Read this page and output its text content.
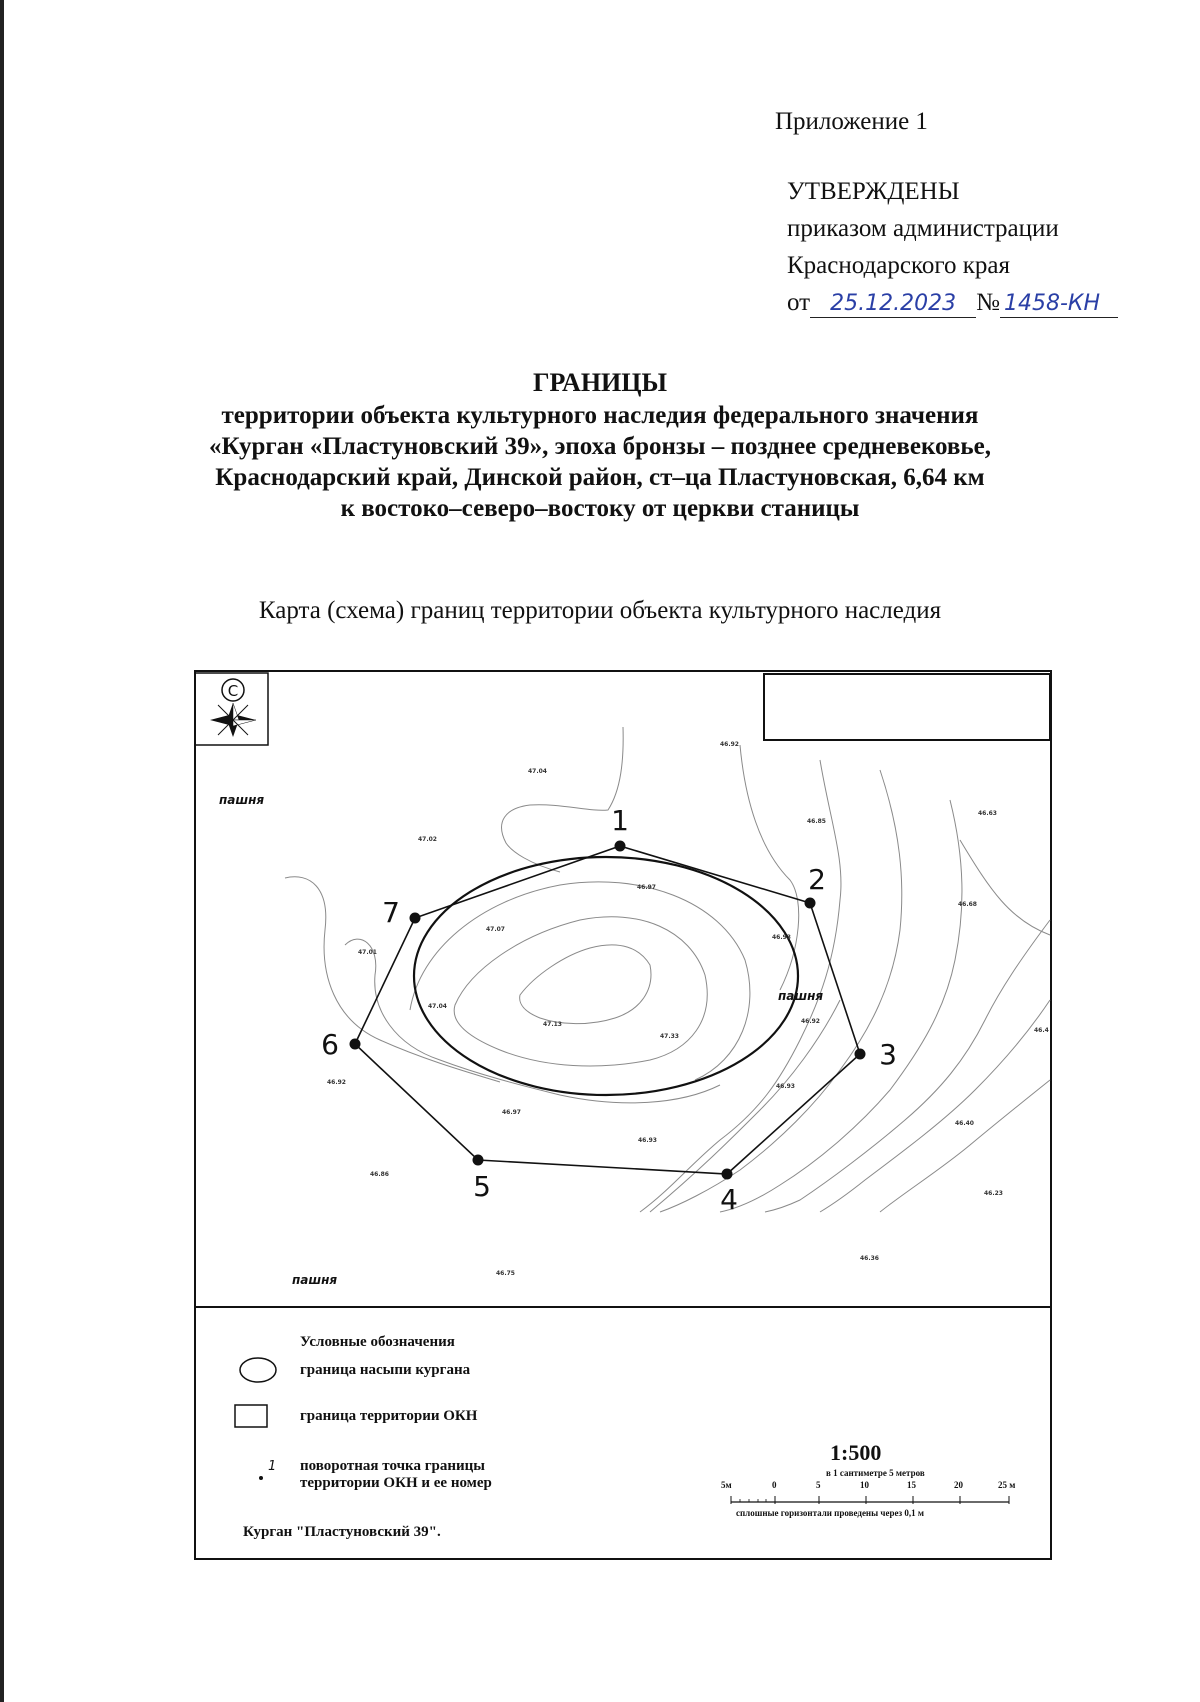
Приложение 1
УТВЕРЖДЕНЫ
приказом администрации
Краснодарского края
от 25.12.2023 № 1458-КН
ГРАНИЦЫ
территории объекта культурного наследия федерального значения
«Курган «Пластуновский 39», эпоха бронзы – позднее средневековье,
Краснодарский край, Динской район, ст–ца Пластуновская, 6,64 км
к востоко–северо–востоку от церкви станицы
Карта (схема) границ территории объекта культурного наследия
С
1
2
3
4
5
6
7
пашня
пашня
пашня
47.04
46.92
47.02
46.85
46.63
46.97
46.68
47.07
46.93
47.01
47.04
47.13
47.33
46.92
46.93
46.92
46.97
46.93
46.4
46.40
46.86
46.23
46.75
46.36
1
Условные обозначения
граница насыпи кургана
граница территории ОКН
поворотная точка границы
территории ОКН и ее номер
1:500
в 1 сантиметре 5 метров
5м	0	5	10	15	20	25 м
сплошные горизонтали проведены через 0,1 м
Курган "Пластуновский 39".
